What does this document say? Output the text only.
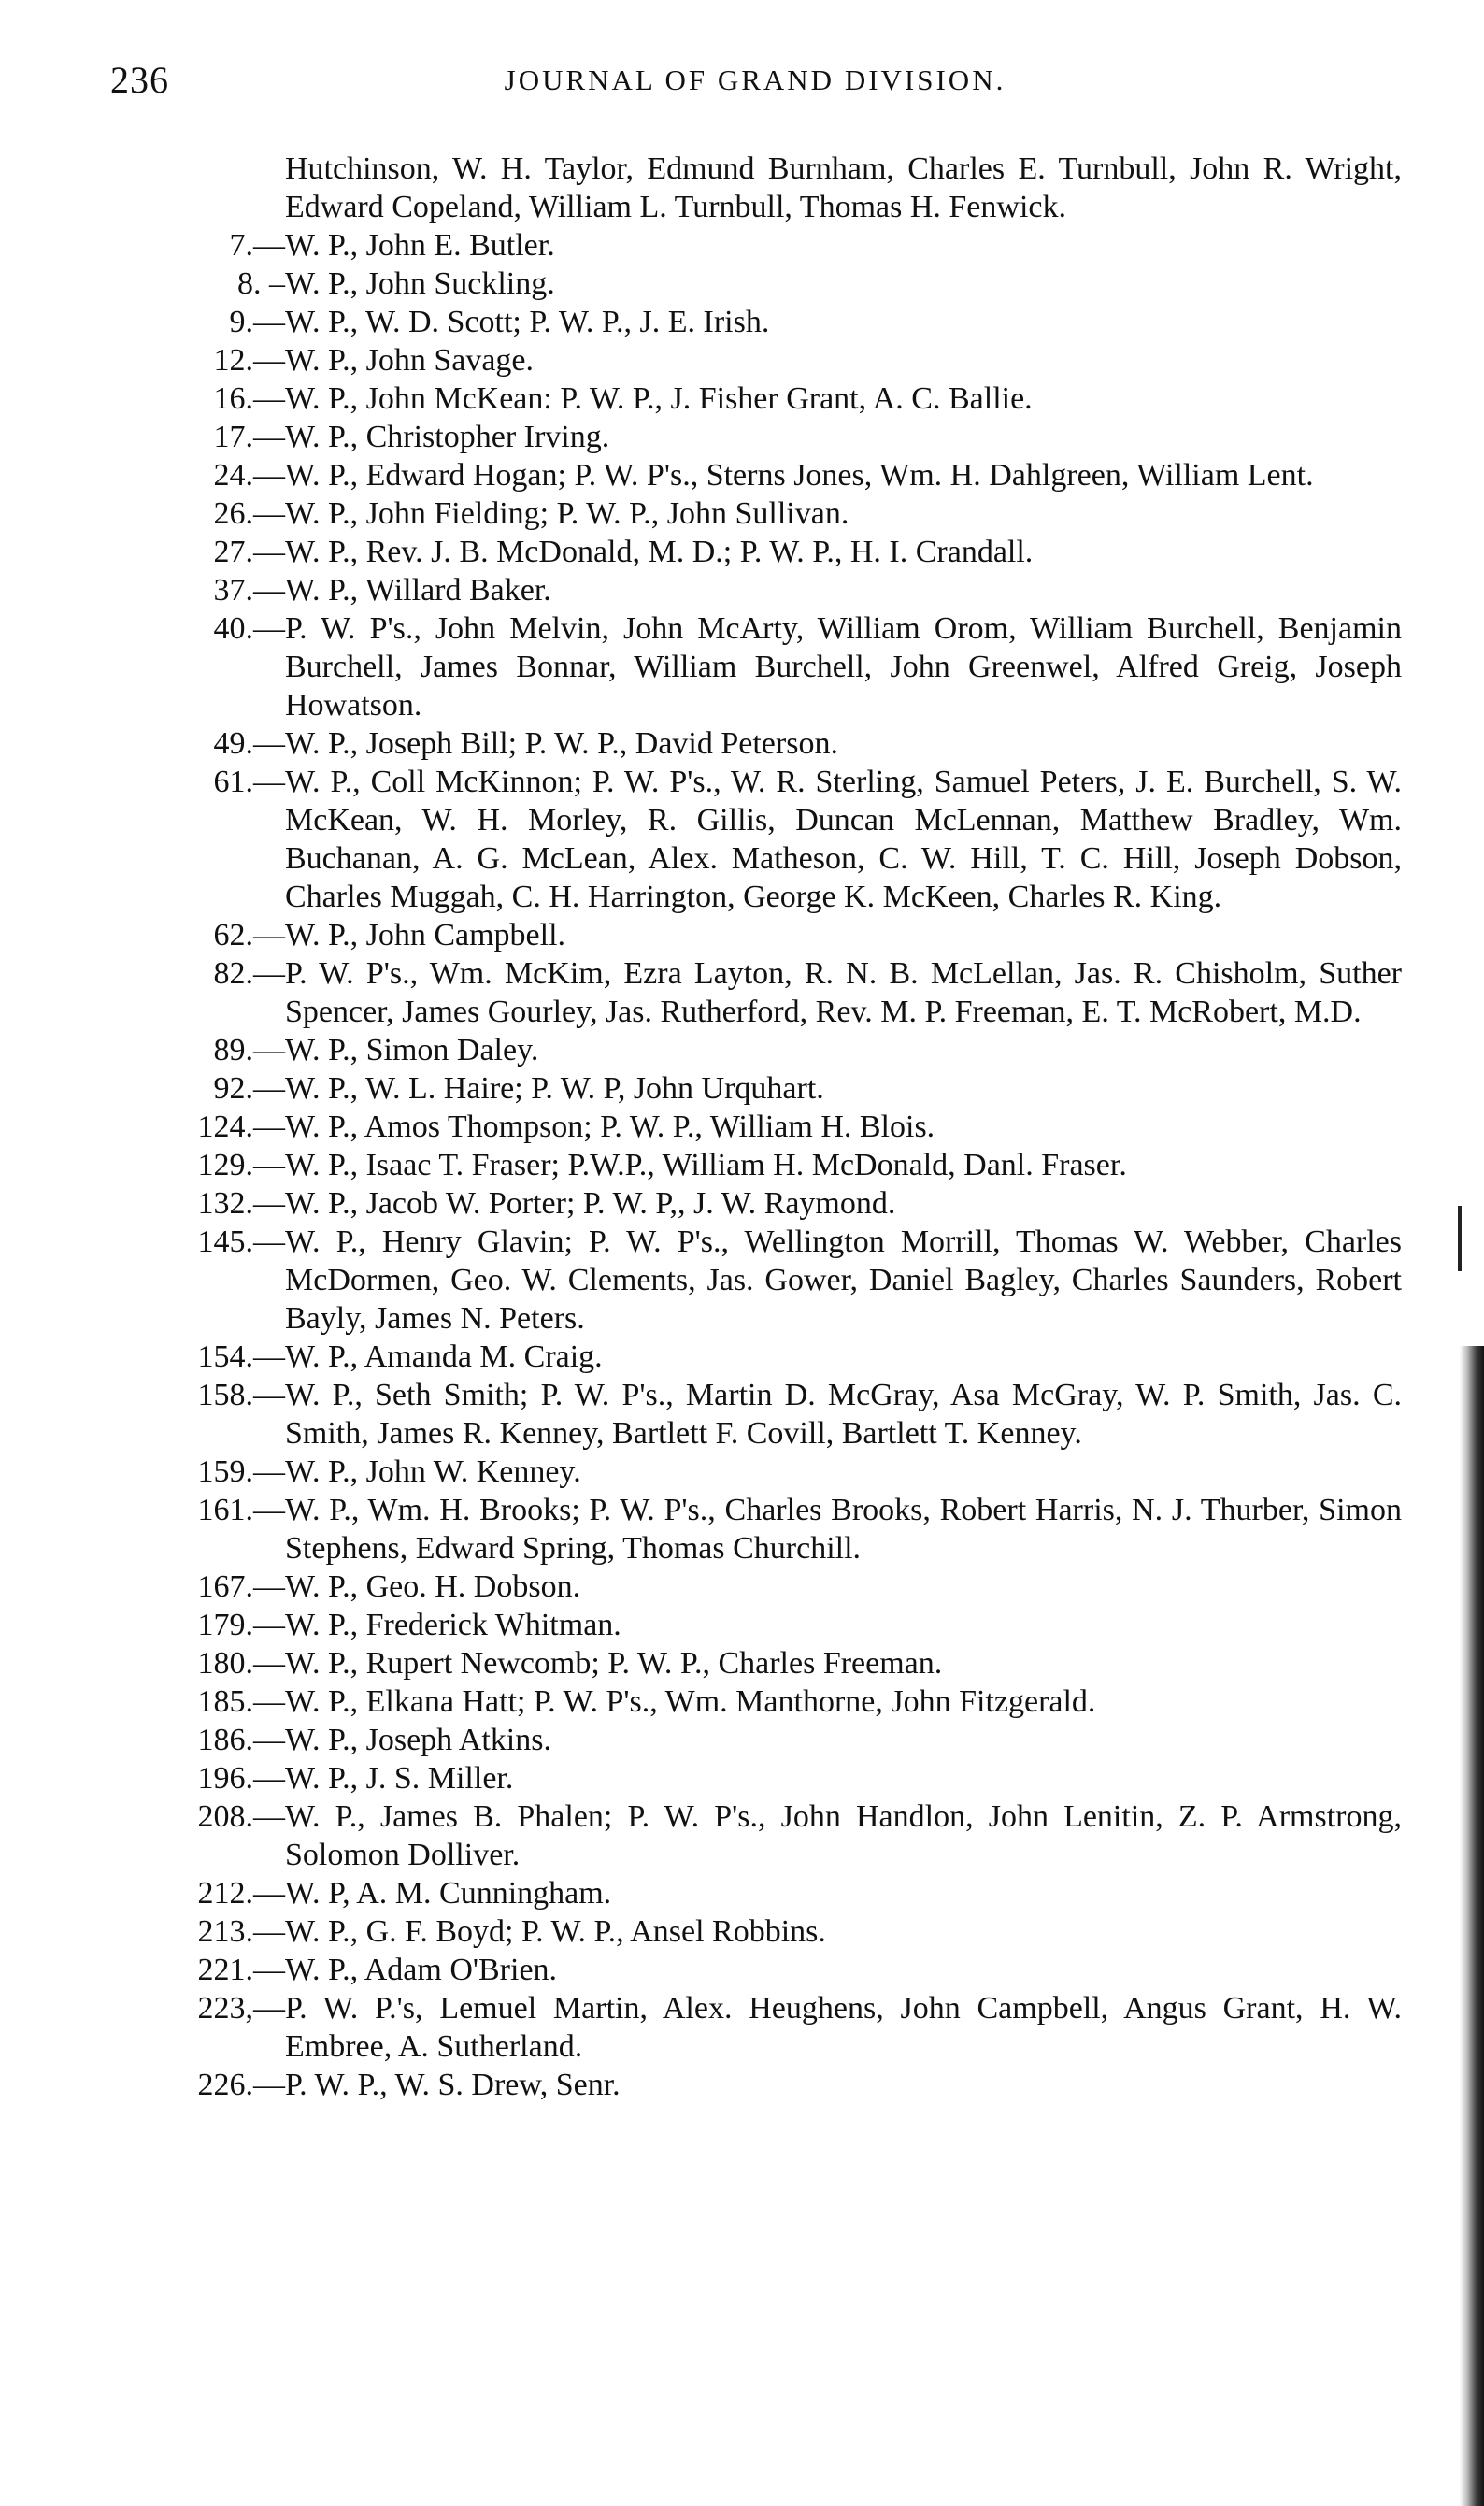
236	JOURNAL OF GRAND DIVISION.
Hutchinson, W. H. Taylor, Edmund Burnham, Charles E. Turnbull, John R. Wright, Edward Copeland, William L. Turnbull, Thomas H. Fenwick.
7.— W. P., John E. Butler.
8. – W. P., John Suckling.
9.— W. P., W. D. Scott; P. W. P., J. E. Irish.
12.— W. P., John Savage.
16.— W. P., John McKean: P. W. P., J. Fisher Grant, A. C. Ballie.
17.— W. P., Christopher Irving.
24.— W. P., Edward Hogan; P. W. P's., Sterns Jones, Wm. H. Dahlgreen, William Lent.
26.— W. P., John Fielding; P. W. P., John Sullivan.
27.— W. P., Rev. J. B. McDonald, M. D.; P. W. P., H. I. Crandall.
37.— W. P., Willard Baker.
40.— P. W. P's., John Melvin, John McArty, William Orom, William Burchell, Benjamin Burchell, James Bonnar, William Burchell, John Greenwel, Alfred Greig, Joseph Howatson.
49.— W. P., Joseph Bill; P. W. P., David Peterson.
61.— W. P., Coll McKinnon; P. W. P's., W. R. Sterling, Samuel Peters, J. E. Burchell, S. W. McKean, W. H. Morley, R. Gillis, Duncan McLennan, Matthew Bradley, Wm. Buchanan, A. G. McLean, Alex. Matheson, C. W. Hill, T. C. Hill, Joseph Dobson, Charles Muggah, C. H. Harrington, George K. McKeen, Charles R. King.
62.— W. P., John Campbell.
82.— P. W. P's., Wm. McKim, Ezra Layton, R. N. B. McLellan, Jas. R. Chisholm, Suther Spencer, James Gourley, Jas. Rutherford, Rev. M. P. Freeman, E. T. McRobert, M.D.
89.— W. P., Simon Daley.
92.— W. P., W. L. Haire; P. W. P, John Urquhart.
124.— W. P., Amos Thompson; P. W. P., William H. Blois.
129.— W. P., Isaac T. Fraser; P.W.P., William H. McDonald, Danl. Fraser.
132.— W. P., Jacob W. Porter; P. W. P,, J. W. Raymond.
145.— W. P., Henry Glavin; P. W. P's., Wellington Morrill, Thomas W. Webber, Charles McDormen, Geo. W. Clements, Jas. Gower, Daniel Bagley, Charles Saunders, Robert Bayly, James N. Peters.
154.— W. P., Amanda M. Craig.
158.— W. P., Seth Smith; P. W. P's., Martin D. McGray, Asa McGray, W. P. Smith, Jas. C. Smith, James R. Kenney, Bartlett F. Covill, Bartlett T. Kenney.
159.— W. P., John W. Kenney.
161.— W. P., Wm. H. Brooks; P. W. P's., Charles Brooks, Robert Harris, N. J. Thurber, Simon Stephens, Edward Spring, Thomas Churchill.
167.— W. P., Geo. H. Dobson.
179.— W. P., Frederick Whitman.
180.— W. P., Rupert Newcomb; P. W. P., Charles Freeman.
185.— W. P., Elkana Hatt; P. W. P's., Wm. Manthorne, John Fitzgerald.
186.— W. P., Joseph Atkins.
196.— W. P., J. S. Miller.
208.— W. P., James B. Phalen; P. W. P's., John Handlon, John Lenitin, Z. P. Armstrong, Solomon Dolliver.
212.— W. P, A. M. Cunningham.
213.— W. P., G. F. Boyd; P. W. P., Ansel Robbins.
221.— W. P., Adam O'Brien.
223,— P. W. P.'s, Lemuel Martin, Alex. Heughens, John Campbell, Angus Grant, H. W. Embree, A. Sutherland.
226.— P. W. P., W. S. Drew, Senr.
